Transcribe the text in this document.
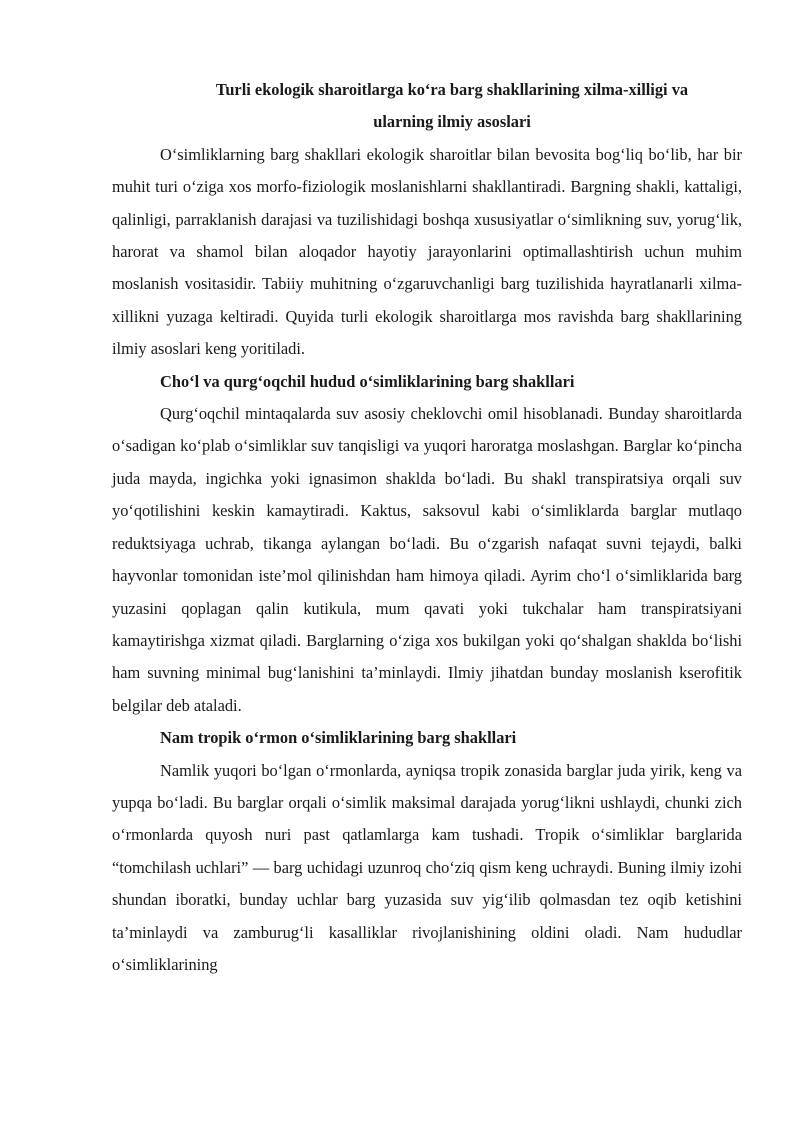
Turli ekologik sharoitlarga ko‘ra barg shakllarining xilma-xilligi va
ularning ilmiy asoslari

O‘simliklarning barg shakllari ekologik sharoitlar bilan bevosita bog‘liq bo‘lib, har bir muhit turi o‘ziga xos morfo-fiziologik moslanishlarni shakllantiradi. Bargning shakli, kattaligi, qalinligi, parraklanish darajasi va tuzilishidagi boshqa xususiyatlar o‘simlikning suv, yorug‘lik, harorat va shamol bilan aloqador hayotiy jarayonlarini optimallashtirish uchun muhim moslanish vositasidir. Tabiiy muhitning o‘zgaruvchanligi barg tuzilishida hayratlanarli xilma-xillikni yuzaga keltiradi. Quyida turli ekologik sharoitlarga mos ravishda barg shakllarining ilmiy asoslari keng yoritiladi.

Cho‘l va qurg‘oqchil hudud o‘simliklarining barg shakllari

Qurg‘oqchil mintaqalarda suv asosiy cheklovchi omil hisoblanadi. Bunday sharoitlarda o‘sadigan ko‘plab o‘simliklar suv tanqisligi va yuqori haroratga moslashgan. Barglar ko‘pincha juda mayda, ingichka yoki ignasimon shaklda bo‘ladi. Bu shakl transpiratsiya orqali suv yo‘qotilishini keskin kamaytiradi. Kaktus, saksovul kabi o‘simliklarda barglar mutlaqo reduktsiyaga uchrab, tikanga aylangan bo‘ladi. Bu o‘zgarish nafaqat suvni tejaydi, balki hayvonlar tomonidan iste’mol qilinishdan ham himoya qiladi. Ayrim cho‘l o‘simliklarida barg yuzasini qoplagan qalin kutikula, mum qavati yoki tukchalar ham transpiratsiyani kamaytirishga xizmat qiladi. Barglarning o‘ziga xos bukilgan yoki qo‘shalgan shaklda bo‘lishi ham suvning minimal bug‘lanishini ta’minlaydi. Ilmiy jihatdan bunday moslanish kserofitik belgilar deb ataladi.

Nam tropik o‘rmon o‘simliklarining barg shakllari

Namlik yuqori bo‘lgan o‘rmonlarda, ayniqsa tropik zonasida barglar juda yirik, keng va yupqa bo‘ladi. Bu barglar orqali o‘simlik maksimal darajada yorug‘likni ushlaydi, chunki zich o‘rmonlarda quyosh nuri past qatlamlarga kam tushadi. Tropik o‘simliklar barglarida “tomchilash uchlari” — barg uchidagi uzunroq cho‘ziq qism keng uchraydi. Buning ilmiy izohi shundan iboratki, bunday uchlar barg yuzasida suv yig‘ilib qolmasdan tez oqib ketishini ta’minlaydi va zamburug‘li kasalliklar rivojlanishining oldini oladi. Nam hududlar o‘simliklarining
